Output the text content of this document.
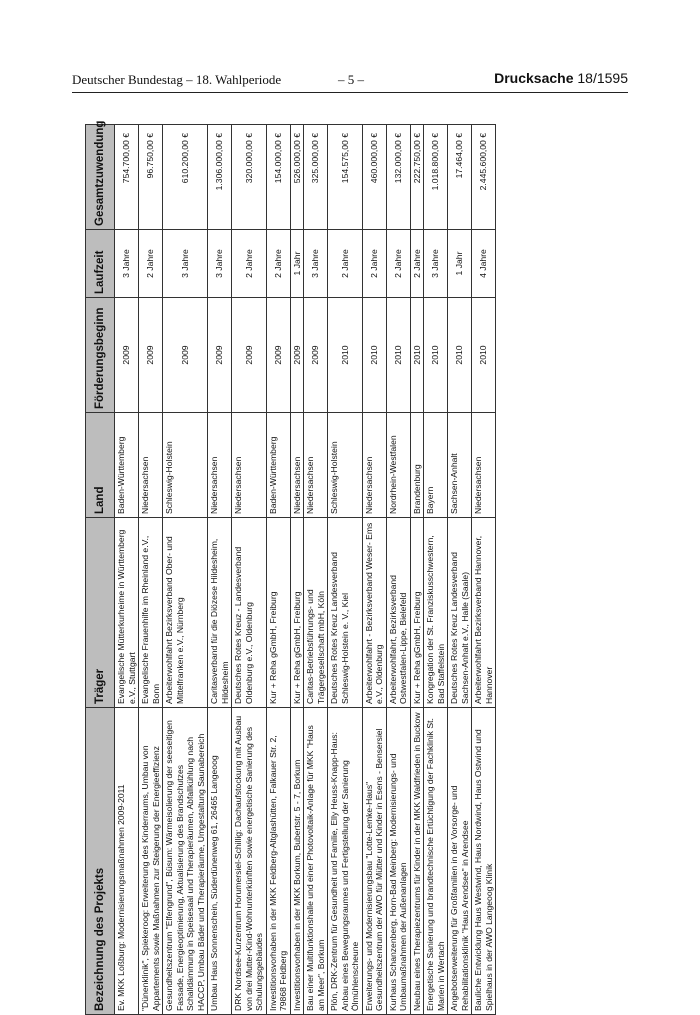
Deutscher Bundestag – 18. Wahlperiode	– 5 –	Drucksache 18/1595
Bezeichnung des Projekts	Träger	Land	Förderungsbeginn	Laufzeit	Gesamtzuwendung
Ev. MKK Loßburg: Modernisierungsmaßnahmen 2009-2011	Evangelische Mütterkurheime in Württemberg e.V., Stuttgart	Baden-Württemberg	2009	3 Jahre	754.700,00 €
"Dünenklinik", Spiekeroog: Erweiterung des Kinderraums, Umbau von Appartements sowie Maßnahmen zur Steigerung der Energieeffizienz	Evangelische Frauenhilfe im Rheinland e.V., Bonn	Niedersachsen	2009	2 Jahre	96.750,00 €
Gesundheitszentrum "Elfengrund", Büsum: Wärmeisolierung der seeseitigen Fassade, Energieoptimierung, Aktualisierung des Brandschutzes Schalldämmung in Speisesaal und Therapieräumen, Abfallkühlung nach HACCP, Umbau Bäder und Therapieräume, Umgestaltung Saunabereich	Arbeiterwohlfahrt Bezirksverband Ober- und Mittelfranken e.V., Nürnberg	Schleswig-Holstein	2009	3 Jahre	610.200,00 €
Umbau Haus Sonnenschein, Süderdünenweg 61, 26465 Langeoog	Caritasverband für die Diözese Hildesheim, Hildesheim	Niedersachsen	2009	3 Jahre	1.306.000,00 €
DRK Nordsee-Kurzentrum Horumersiel-Schillig: Dachaufstockung mit Ausbau von drei Mutter-Kind-Wohnunterkünften sowie energetische Sanierung des Schulungsgebäudes	Deutsches Rotes Kreuz - Landesverband Oldenburg e.V., Oldenburg	Niedersachsen	2009	2 Jahre	320.000,00 €
Investitionsvorhaben in der MKK Feldberg-Altglashütten, Falkauer Str. 2, 79868 Feldberg	Kur + Reha gGmbH, Freiburg	Baden-Württemberg	2009	2 Jahre	154.000,00 €
Investitionsvorhaben in der MKK Borkum, Bubertstr. 5 - 7, Borkum	Kur + Reha gGmbH, Freiburg	Niedersachsen	2009	1 Jahr	526.000,00 €
Bau einer Multifunktionshalle und einer Photovoltaik-Anlage für MKK "Haus am Meer", Borkum	Caritas-Betriebsführungs- und Trägergesellschaft mbH, Köln	Niedersachsen	2009	3 Jahre	325.000,00 €
Plön, DRK-Zentrum für Gesundheit und Familie, Elly Heuss-Knapp-Haus: Anbau eines Bewegungsraumes und Fertigstellung der Sanierung Ölmühlenscheune	Deutsches Rotes Kreuz Landesverband Schleswig-Holstein e. V., Kiel	Schleswig-Holstein	2010	2 Jahre	154.575,00 €
Erweiterungs- und Modernisierungsbau "Lotte-Lemke-Haus" Gesundheitszentrum der AWO für Mütter und Kinder in Esens - Bensersiel	Arbeiterwohlfahrt - Bezirksverband Weser- Ems e.V., Oldenburg	Niedersachsen	2010	2 Jahre	460.000,00 €
Kurhaus Schanzenberg, Horn-Bad Meinberg: Modernisierungs- und Umbaumaßnahmen der Außenanlagen	Arbeiterwohlfahrt, Bezirksverband Ostwestfalen-Lippe, Bielefeld	Nordrhein-Westfalen	2010	2 Jahre	132.000,00 €
Neubau eines Therapiezentrums für Kinder in der MKK Waldfrieden in Buckow	Kur + Reha gGmbH, Freiburg	Brandenburg	2010	2 Jahre	222.750,00 €
Energetische Sanierung und brandtechnische Ertüchtigung der Fachklinik St. Marien in Wertach	Kongregation der St. Franziskusschwestern, Bad Staffelstein	Bayern	2010	3 Jahre	1.018.800,00 €
Angebotserweiterung für Großfamilien in der Vorsorge- und Rehabilitationsklinik "Haus Arendsee" in Arendsee	Deutsches Rotes Kreuz Landesverband Sachsen-Anhalt e.V., Halle (Saale)	Sachsen-Anhalt	2010	1 Jahr	17.464,00 €
Bauliche Entwicklung Haus Westwind, Haus Nordwind, Haus Ostwind und Spielhaus in der AWO Langeoog Klinik	Arbeiterwohlfahrt Bezirksverband Hannover, Hannover	Niedersachsen	2010	4 Jahre	2.445.600,00 €
